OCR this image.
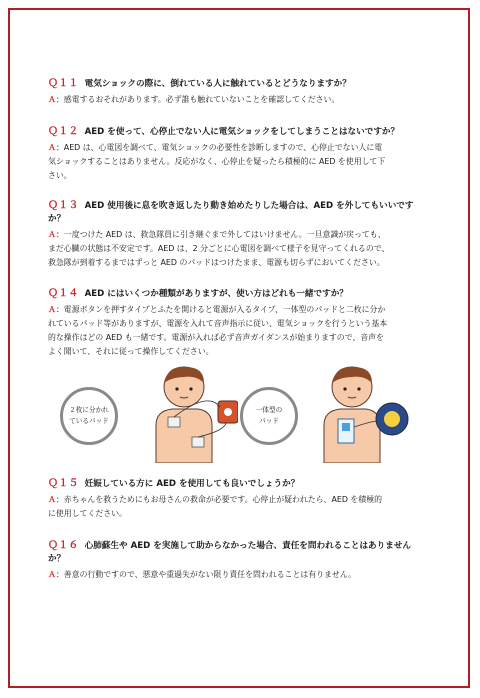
Ｑ１１ 電気ショックの際に、倒れている人に触れているとどうなりますか？

Ａ：感電するおそれがあります。必ず誰も触れていないことを確認してください。

Ｑ１２ AED を使って、心停止でない人に電気ショックをしてしまうことはないですか？

Ａ：AED は、心電図を調べて、電気ショックの必要性を診断しますので、心停止でない人に電
気ショックすることはありません。反応がなく、心停止を疑ったら積極的に AED を使用して下
さい。

Ｑ１３ AED 使用後に息を吹き返したり動き始めたりした場合は、AED を外してもいいです
か？

Ａ：一度つけた AED は、救急隊員に引き継ぐまで外してはいけません。一旦意識が戻っても、
まだ心臓の状態は不安定です。AED は、2 分ごとに心電図を調べて様子を見守ってくれるので、
救急隊が到着するまではずっと AED のパッドはつけたまま、電源も切らずにおいてください。

Ｑ１４ AED にはいくつか種類がありますが、使い方はどれも一緒ですか？

Ａ：電源ボタンを押すタイプとふたを開けると電源が入るタイプ、一体型のパッドと二枚に分か
れているパッド等がありますが、電源を入れて音声指示に従い、電気ショックを行うという基本
的な操作はどの AED も一緒です。電源が入れば必ず音声ガイダンスが始まりますので、音声を
よく聞いて、それに従って操作してください。

２枚に分かれ
ているパッド
一体型の
パッド

Ｑ１５ 妊娠している方に AED を使用しても良いでしょうか？

Ａ：赤ちゃんを救うためにもお母さんの救命が必要です。心停止が疑われたら、AED を積極的
に使用してください。

Ｑ１６ 心肺蘇生や AED を実施して助からなかった場合、責任を問われることはありません
か？

Ａ：善意の行動ですので、悪意や重過失がない限り責任を問われることは有りません。
